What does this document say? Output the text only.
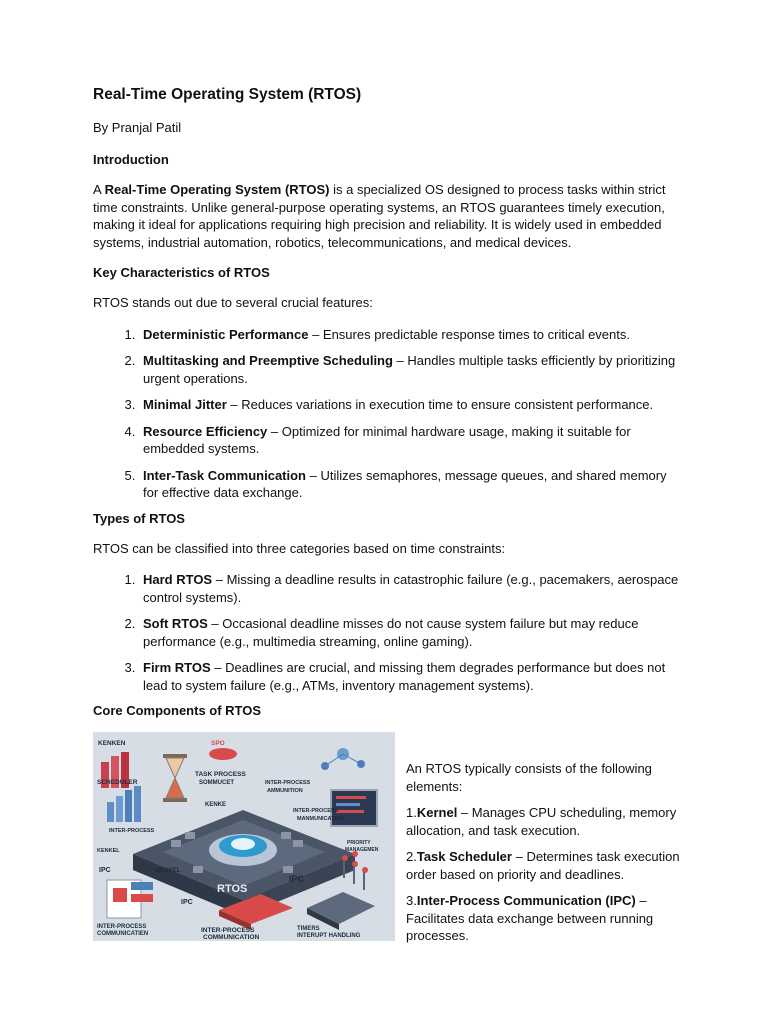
Real-Time Operating System (RTOS)
By Pranjal Patil
Introduction

A Real-Time Operating System (RTOS) is a specialized OS designed to process tasks within strict time constraints. Unlike general-purpose operating systems, an RTOS guarantees timely execution, making it ideal for applications requiring high precision and reliability. It is widely used in embedded systems, industrial automation, robotics, telecommunications, and medical devices.

Key Characteristics of RTOS

RTOS stands out due to several crucial features:

1. Deterministic Performance – Ensures predictable response times to critical events.
2. Multitasking and Preemptive Scheduling – Handles multiple tasks efficiently by prioritizing urgent operations.
3. Minimal Jitter – Reduces variations in execution time to ensure consistent performance.
4. Resource Efficiency – Optimized for minimal hardware usage, making it suitable for embedded systems.
5. Inter-Task Communication – Utilizes semaphores, message queues, and shared memory for effective data exchange.
Types of RTOS

RTOS can be classified into three categories based on time constraints:

1. Hard RTOS – Missing a deadline results in catastrophic failure (e.g., pacemakers, aerospace control systems).
2. Soft RTOS – Occasional deadline misses do not cause system failure but may reduce performance (e.g., multimedia streaming, online gaming).
3. Firm RTOS – Deadlines are crucial, and missing them degrades performance but does not lead to system failure (e.g., ATMs, inventory management systems).
Core Components of RTOS
KENKEN	SPO
SCHEDULER
TASK PROCESS
SOMMUCET	INTER-PROCESS
AMMUNITION
KENKE
INTER-PROCESS
INTER-PROCESS
MANMUNICATION
RTOS
PRIORITY
MANAGEMEN
KENKEL
MENKEL
IPC
IPC
IPC
INTER-PROCESS
COMMUNICATIEN	INTER-PROCESS
COMMUNICATION
TIMERS
INTERUPT HANDLING

An RTOS typically consists of the following elements:

1.Kernel – Manages CPU scheduling, memory allocation, and task execution.

2.Task Scheduler – Determines task execution order based on priority and deadlines.

3.Inter-Process Communication (IPC) – Facilitates data exchange between running processes.
